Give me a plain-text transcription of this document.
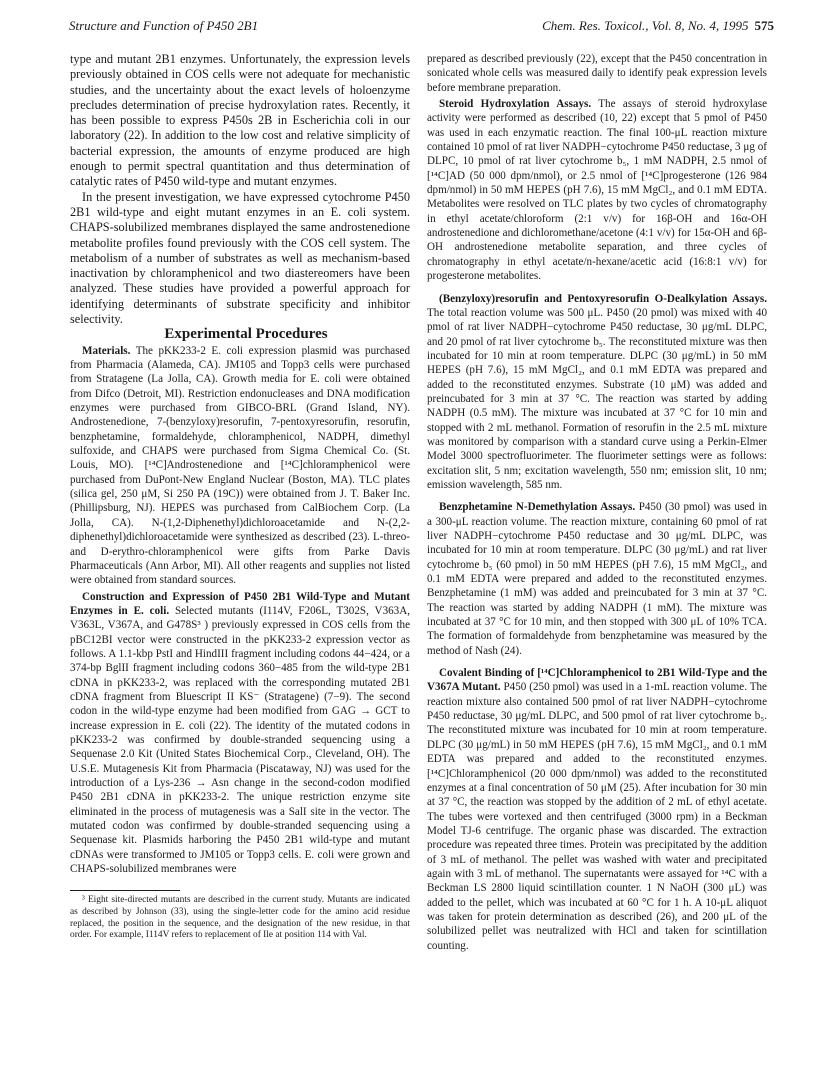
Structure and Function of P450 2B1	Chem. Res. Toxicol., Vol. 8, No. 4, 1995 575

type and mutant 2B1 enzymes. Unfortunately, the expression levels previously obtained in COS cells were not adequate for mechanistic studies, and the uncertainty about the exact levels of holoenzyme precludes determination of precise hydroxylation rates. Recently, it has been possible to express P450s 2B in Escherichia coli in our laboratory (22). In addition to the low cost and relative simplicity of bacterial expression, the amounts of enzyme produced are high enough to permit spectral quantitation and thus determination of catalytic rates of P450 wild-type and mutant enzymes.

In the present investigation, we have expressed cytochrome P450 2B1 wild-type and eight mutant enzymes in an E. coli system. CHAPS-solubilized membranes displayed the same androstenedione metabolite profiles found previously with the COS cell system. The metabolism of a number of substrates as well as mechanism-based inactivation by chloramphenicol and two diastereomers have been analyzed. These studies have provided a powerful approach for identifying determinants of substrate specificity and inhibitor selectivity.

Experimental Procedures

Materials. The pKK233-2 E. coli expression plasmid was purchased from Pharmacia (Alameda, CA). JM105 and Topp3 cells were purchased from Stratagene (La Jolla, CA). Growth media for E. coli were obtained from Difco (Detroit, MI). Restriction endonucleases and DNA modification enzymes were purchased from GIBCO-BRL (Grand Island, NY). Androstenedione, 7-(benzyloxy)resorufin, 7-pentoxyresorufin, resorufin, benzphetamine, formaldehyde, chloramphenicol, NADPH, dimethyl sulfoxide, and CHAPS were purchased from Sigma Chemical Co. (St. Louis, MO). [¹⁴C]Androstenedione and [¹⁴C]chloramphenicol were purchased from DuPont-New England Nuclear (Boston, MA). TLC plates (silica gel, 250 μM, Si 250 PA (19C)) were obtained from J. T. Baker Inc. (Phillipsburg, NJ). HEPES was purchased from CalBiochem Corp. (La Jolla, CA). N-(1,2-Diphenethyl)dichloroacetamide and N-(2,2-diphenethyl)dichloroacetamide were synthesized as described (23). L-threo- and D-erythro-chloramphenicol were gifts from Parke Davis Pharmaceuticals (Ann Arbor, MI). All other reagents and supplies not listed were obtained from standard sources.

Construction and Expression of P450 2B1 Wild-Type and Mutant Enzymes in E. coli. Selected mutants (I114V, F206L, T302S, V363A, V363L, V367A, and G478S³ ) previously expressed in COS cells from the pBC12BI vector were constructed in the pKK233-2 expression vector as follows. A 1.1-kbp PstI and HindIII fragment including codons 44−424, or a 374-bp BglII fragment including codons 360−485 from the wild-type 2B1 cDNA in pKK233-2, was replaced with the corresponding mutated 2B1 cDNA fragment from Bluescript II KS⁻ (Stratagene) (7−9). The second codon in the wild-type enzyme had been modified from GAG → GCT to increase expression in E. coli (22). The identity of the mutated codons in pKK233-2 was confirmed by double-stranded sequencing using a Sequenase 2.0 Kit (United States Biochemical Corp., Cleveland, OH). The U.S.E. Mutagenesis Kit from Pharmacia (Piscataway, NJ) was used for the introduction of a Lys-236 → Asn change in the second-codon modified P450 2B1 cDNA in pKK233-2. The unique restriction enzyme site eliminated in the process of mutagenesis was a SalI site in the vector. The mutated codon was confirmed by double-stranded sequencing using a Sequenase kit. Plasmids harboring the P450 2B1 wild-type and mutant cDNAs were transformed to JM105 or Topp3 cells. E. coli were grown and CHAPS-solubilized membranes were

³ Eight site-directed mutants are described in the current study. Mutants are indicated as described by Johnson (33), using the single-letter code for the amino acid residue replaced, the position in the sequence, and the designation of the new residue, in that order. For example, I114V refers to replacement of Ile at position 114 with Val.

prepared as described previously (22), except that the P450 concentration in sonicated whole cells was measured daily to identify peak expression levels before membrane preparation.

Steroid Hydroxylation Assays. The assays of steroid hydroxylase activity were performed as described (10, 22) except that 5 pmol of P450 was used in each enzymatic reaction. The final 100-μL reaction mixture contained 10 pmol of rat liver NADPH−cytochrome P450 reductase, 3 μg of DLPC, 10 pmol of rat liver cytochrome b₅, 1 mM NADPH, 2.5 nmol of [¹⁴C]AD (50 000 dpm/nmol), or 2.5 nmol of [¹⁴C]progesterone (126 984 dpm/nmol) in 50 mM HEPES (pH 7.6), 15 mM MgCl₂, and 0.1 mM EDTA. Metabolites were resolved on TLC plates by two cycles of chromatography in ethyl acetate/chloroform (2:1 v/v) for 16β-OH and 16α-OH androstenedione and dichloromethane/acetone (4:1 v/v) for 15α-OH and 6β-OH androstenedione metabolite separation, and three cycles of chromatography in ethyl acetate/n-hexane/acetic acid (16:8:1 v/v) for progesterone metabolites.

(Benzyloxy)resorufin and Pentoxyresorufin O-Dealkylation Assays. The total reaction volume was 500 μL. P450 (20 pmol) was mixed with 40 pmol of rat liver NADPH−cytochrome P450 reductase, 30 μg/mL DLPC, and 20 pmol of rat liver cytochrome b₅. The reconstituted mixture was then incubated for 10 min at room temperature. DLPC (30 μg/mL) in 50 mM HEPES (pH 7.6), 15 mM MgCl₂, and 0.1 mM EDTA was prepared and added to the reconstituted enzymes. Substrate (10 μM) was added and preincubated for 3 min at 37 °C. The reaction was started by adding NADPH (0.5 mM). The mixture was incubated at 37 °C for 10 min and stopped with 2 mL methanol. Formation of resorufin in the 2.5 mL mixture was monitored by comparison with a standard curve using a Perkin-Elmer Model 3000 spectrofluorimeter. The fluorimeter settings were as follows: excitation slit, 5 nm; excitation wavelength, 550 nm; emission slit, 10 nm; emission wavelength, 585 nm.

Benzphetamine N-Demethylation Assays. P450 (30 pmol) was used in a 300-μL reaction volume. The reaction mixture, containing 60 pmol of rat liver NADPH−cytochrome P450 reductase and 30 μg/mL DLPC, was incubated for 10 min at room temperature. DLPC (30 μg/mL) and rat liver cytochrome b₅ (60 pmol) in 50 mM HEPES (pH 7.6), 15 mM MgCl₂, and 0.1 mM EDTA were prepared and added to the reconstituted enzymes. Benzphetamine (1 mM) was added and preincubated for 3 min at 37 °C. The reaction was started by adding NADPH (1 mM). The mixture was incubated at 37 °C for 10 min, and then stopped with 300 μL of 10% TCA. The formation of formaldehyde from benzphetamine was measured by the method of Nash (24).

Covalent Binding of [¹⁴C]Chloramphenicol to 2B1 Wild-Type and the V367A Mutant. P450 (250 pmol) was used in a 1-mL reaction volume. The reaction mixture also contained 500 pmol of rat liver NADPH−cytochrome P450 reductase, 30 μg/mL DLPC, and 500 pmol of rat liver cytochrome b₅. The reconstituted mixture was incubated for 10 min at room temperature. DLPC (30 μg/mL) in 50 mM HEPES (pH 7.6), 15 mM MgCl₂, and 0.1 mM EDTA was prepared and added to the reconstituted enzymes. [¹⁴C]Chloramphenicol (20 000 dpm/nmol) was added to the reconstituted enzymes at a final concentration of 50 μM (25). After incubation for 30 min at 37 °C, the reaction was stopped by the addition of 2 mL of ethyl acetate. The tubes were vortexed and then centrifuged (3000 rpm) in a Beckman Model TJ-6 centrifuge. The organic phase was discarded. The extraction procedure was repeated three times. Protein was precipitated by the addition of 3 mL of methanol. The pellet was washed with water and precipitated again with 3 mL of methanol. The supernatants were assayed for ¹⁴C with a Beckman LS 2800 liquid scintillation counter. 1 N NaOH (300 μL) was added to the pellet, which was incubated at 60 °C for 1 h. A 10-μL aliquot was taken for protein determination as described (26), and 200 μL of the solubilized pellet was neutralized with HCl and taken for scintillation counting.
